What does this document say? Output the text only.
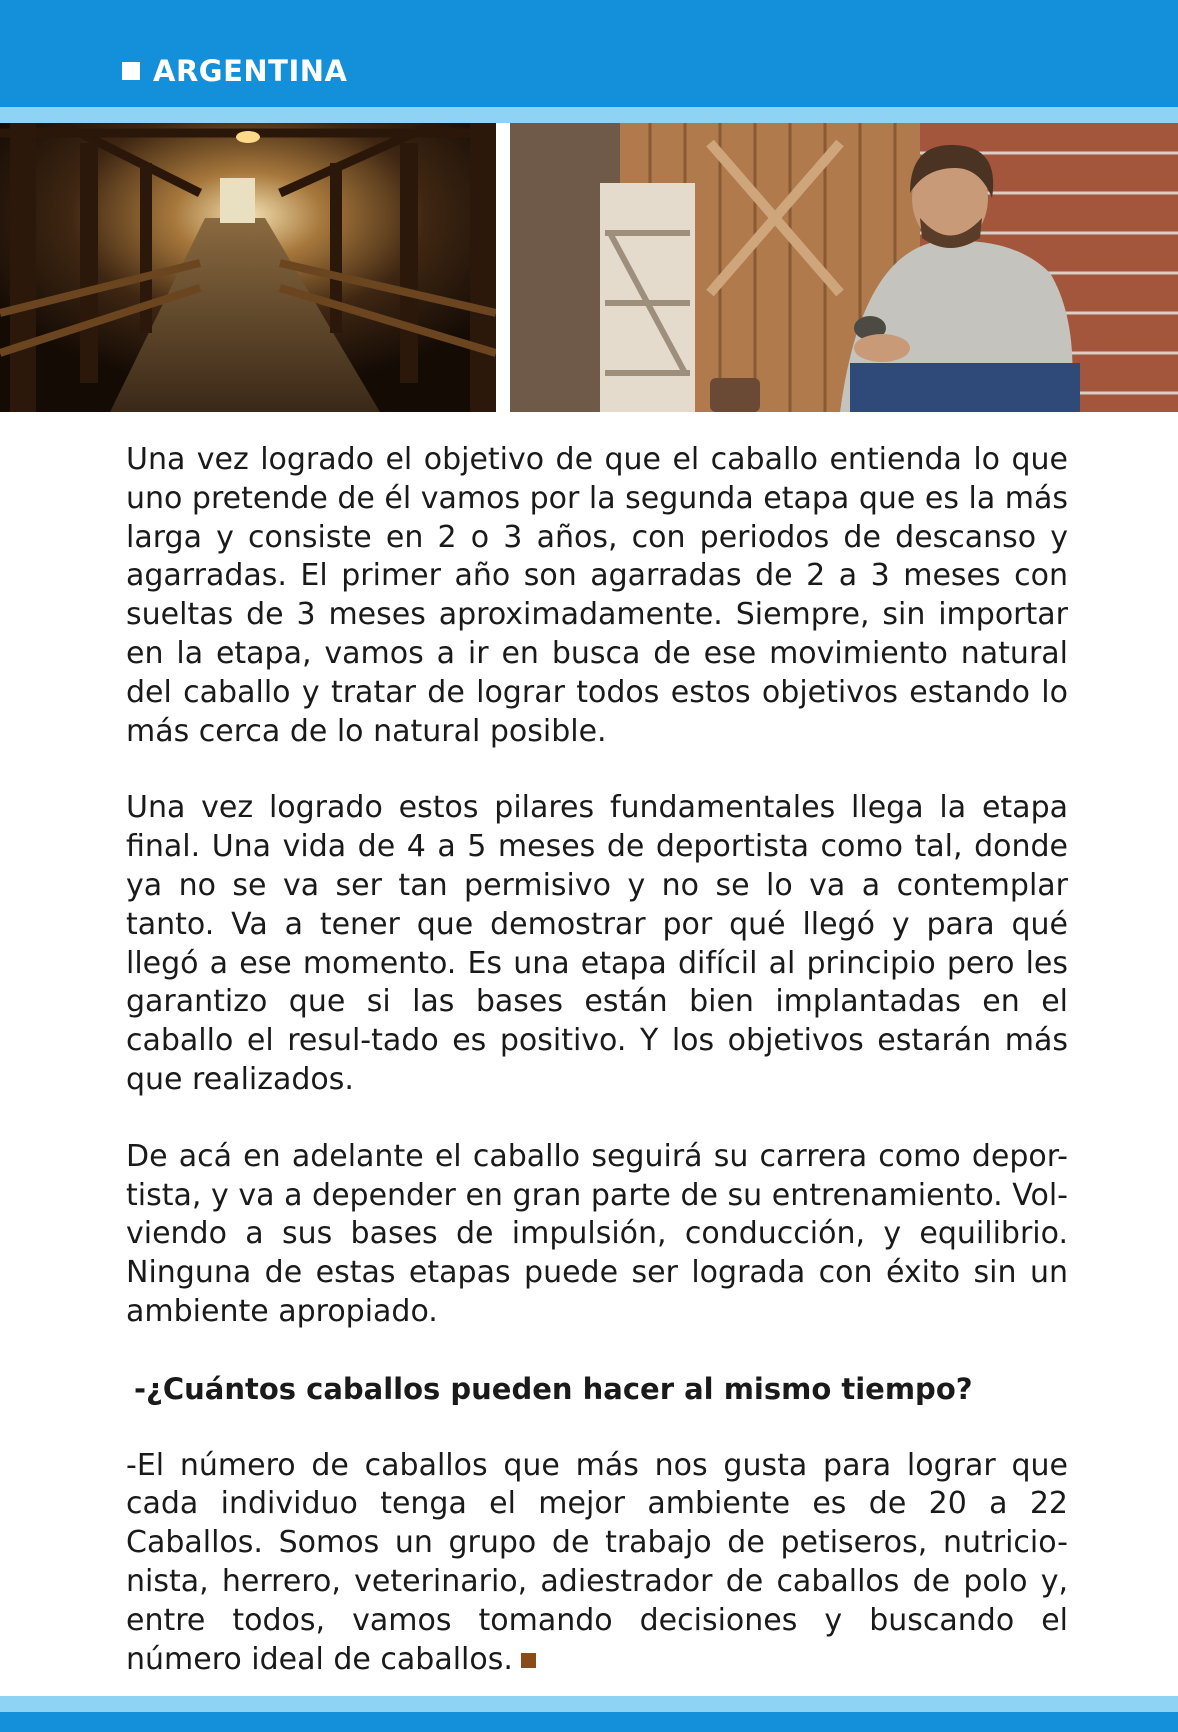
ARGENTINA

Una vez logrado el objetivo de que el caballo entienda lo que uno pretende de él vamos por la segunda etapa que es la más larga y consiste en 2 o 3 años, con periodos de descanso y agarradas. El primer año son agarradas de 2 a 3 meses con sueltas de 3 meses aproximadamente. Siempre, sin importar en la etapa, vamos a ir en busca de ese movimiento natural del caballo y tratar de lograr todos estos objetivos estando lo más cerca de lo natural posible.

Una vez logrado estos pilares fundamentales llega la etapa final. Una vida de 4 a 5 meses de deportista como tal, donde ya no se va ser tan permisivo y no se lo va a contemplar tanto. Va a tener que demostrar por qué llegó y para qué llegó a ese momento. Es una etapa difícil al principio pero les garantizo que si las bases están bien implantadas en el caballo el resul-tado es positivo. Y los objetivos estarán más que realizados.

De acá en adelante el caballo seguirá su carrera como depor-tista, y va a depender en gran parte de su entrenamiento. Vol-viendo a sus bases de impulsión, conducción, y equilibrio. Ninguna de estas etapas puede ser lograda con éxito sin un ambiente apropiado.

-¿Cuántos caballos pueden hacer al mismo tiempo?

-El número de caballos que más nos gusta para lograr que cada individuo tenga el mejor ambiente es de 20 a 22 Caballos. Somos un grupo de trabajo de petiseros, nutricio-nista, herrero, veterinario, adiestrador de caballos de polo y, entre todos, vamos tomando decisiones y buscando el número ideal de caballos.
